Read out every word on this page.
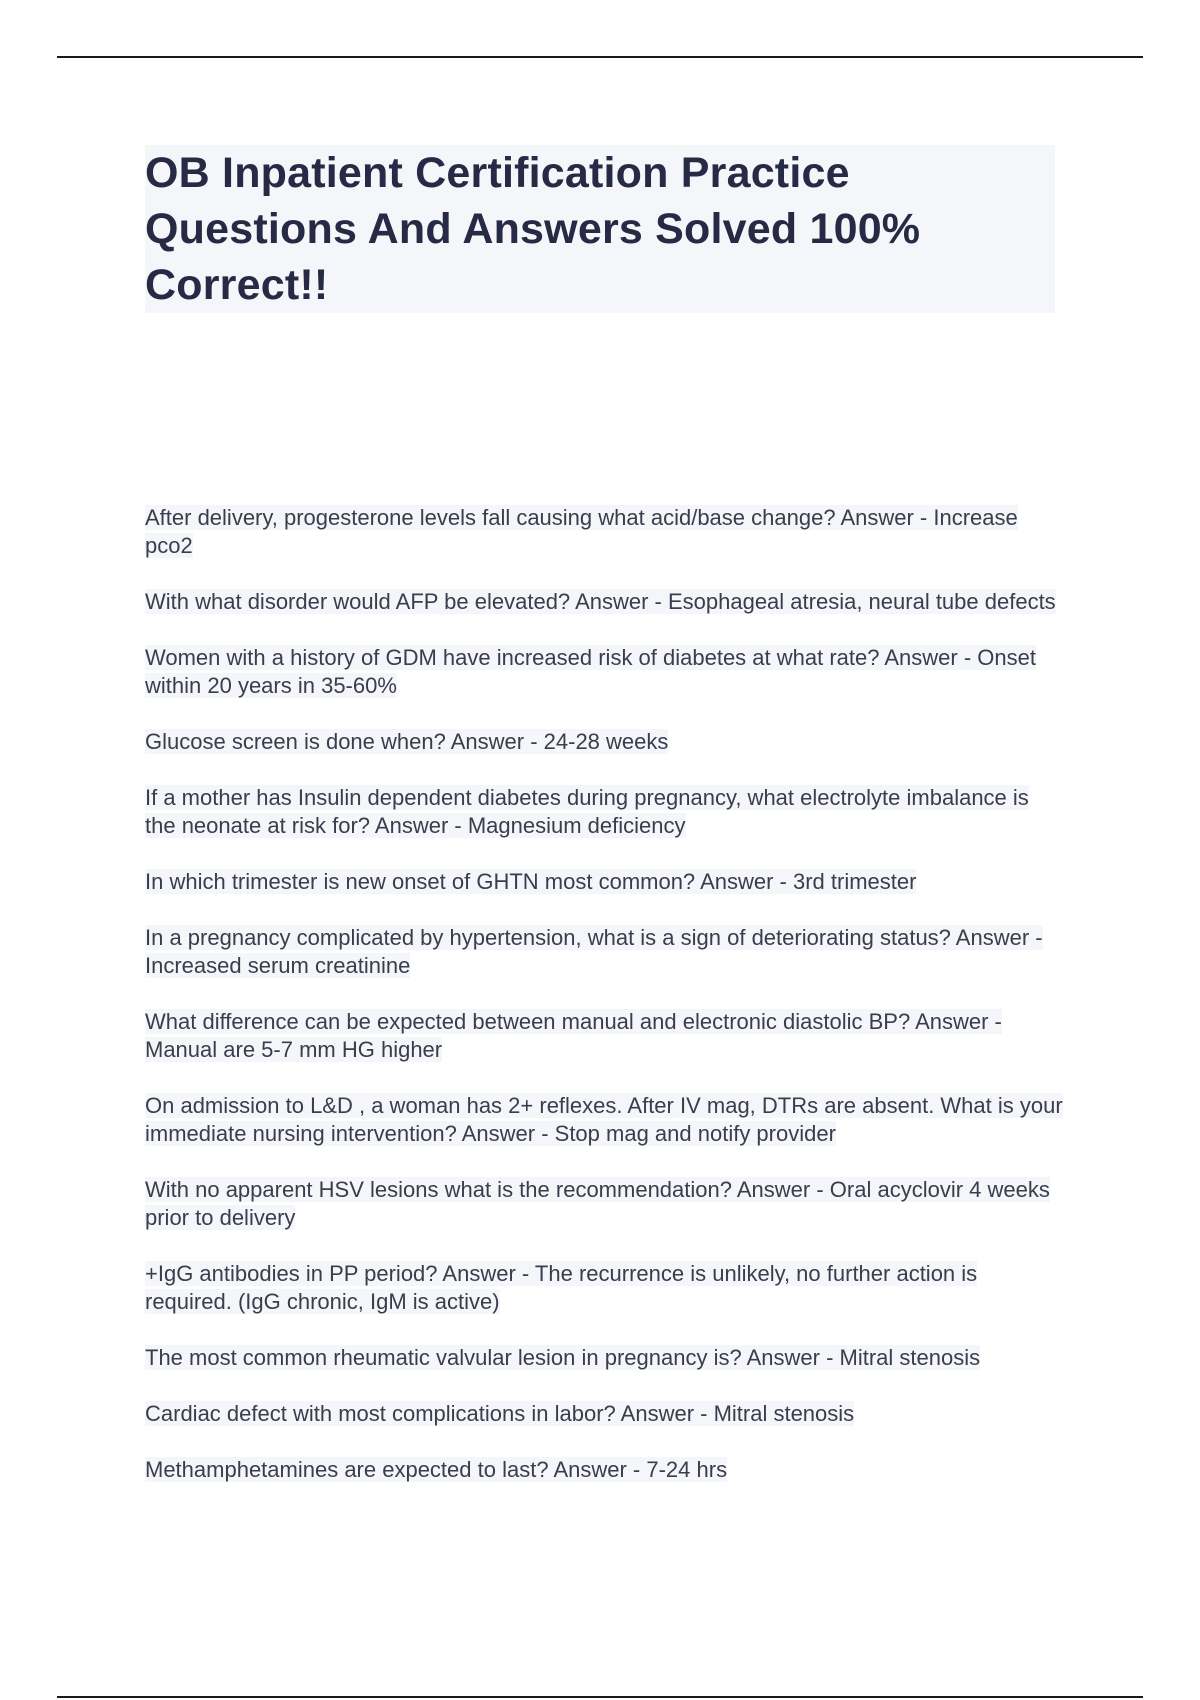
OB Inpatient Certification Practice Questions And Answers Solved 100% Correct!!
After delivery, progesterone levels fall causing what acid/base change? Answer - Increase pco2
With what disorder would AFP be elevated? Answer - Esophageal atresia, neural tube defects
Women with a history of GDM have increased risk of diabetes at what rate? Answer - Onset within 20 years in 35-60%
Glucose screen is done when? Answer - 24-28 weeks
If a mother has Insulin dependent diabetes during pregnancy, what electrolyte imbalance is the neonate at risk for? Answer - Magnesium deficiency
In which trimester is new onset of GHTN most common? Answer - 3rd trimester
In a pregnancy complicated by hypertension, what is a sign of deteriorating status? Answer - Increased serum creatinine
What difference can be expected between manual and electronic diastolic BP? Answer - Manual are 5-7 mm HG higher
On admission to L&D , a woman has 2+ reflexes. After IV mag, DTRs are absent. What is your immediate nursing intervention? Answer - Stop mag and notify provider
With no apparent HSV lesions what is the recommendation? Answer - Oral acyclovir 4 weeks prior to delivery
+IgG antibodies in PP period? Answer - The recurrence is unlikely, no further action is required. (IgG chronic, IgM is active)
The most common rheumatic valvular lesion in pregnancy is? Answer - Mitral stenosis
Cardiac defect with most complications in labor? Answer - Mitral stenosis
Methamphetamines are expected to last? Answer - 7-24 hrs
